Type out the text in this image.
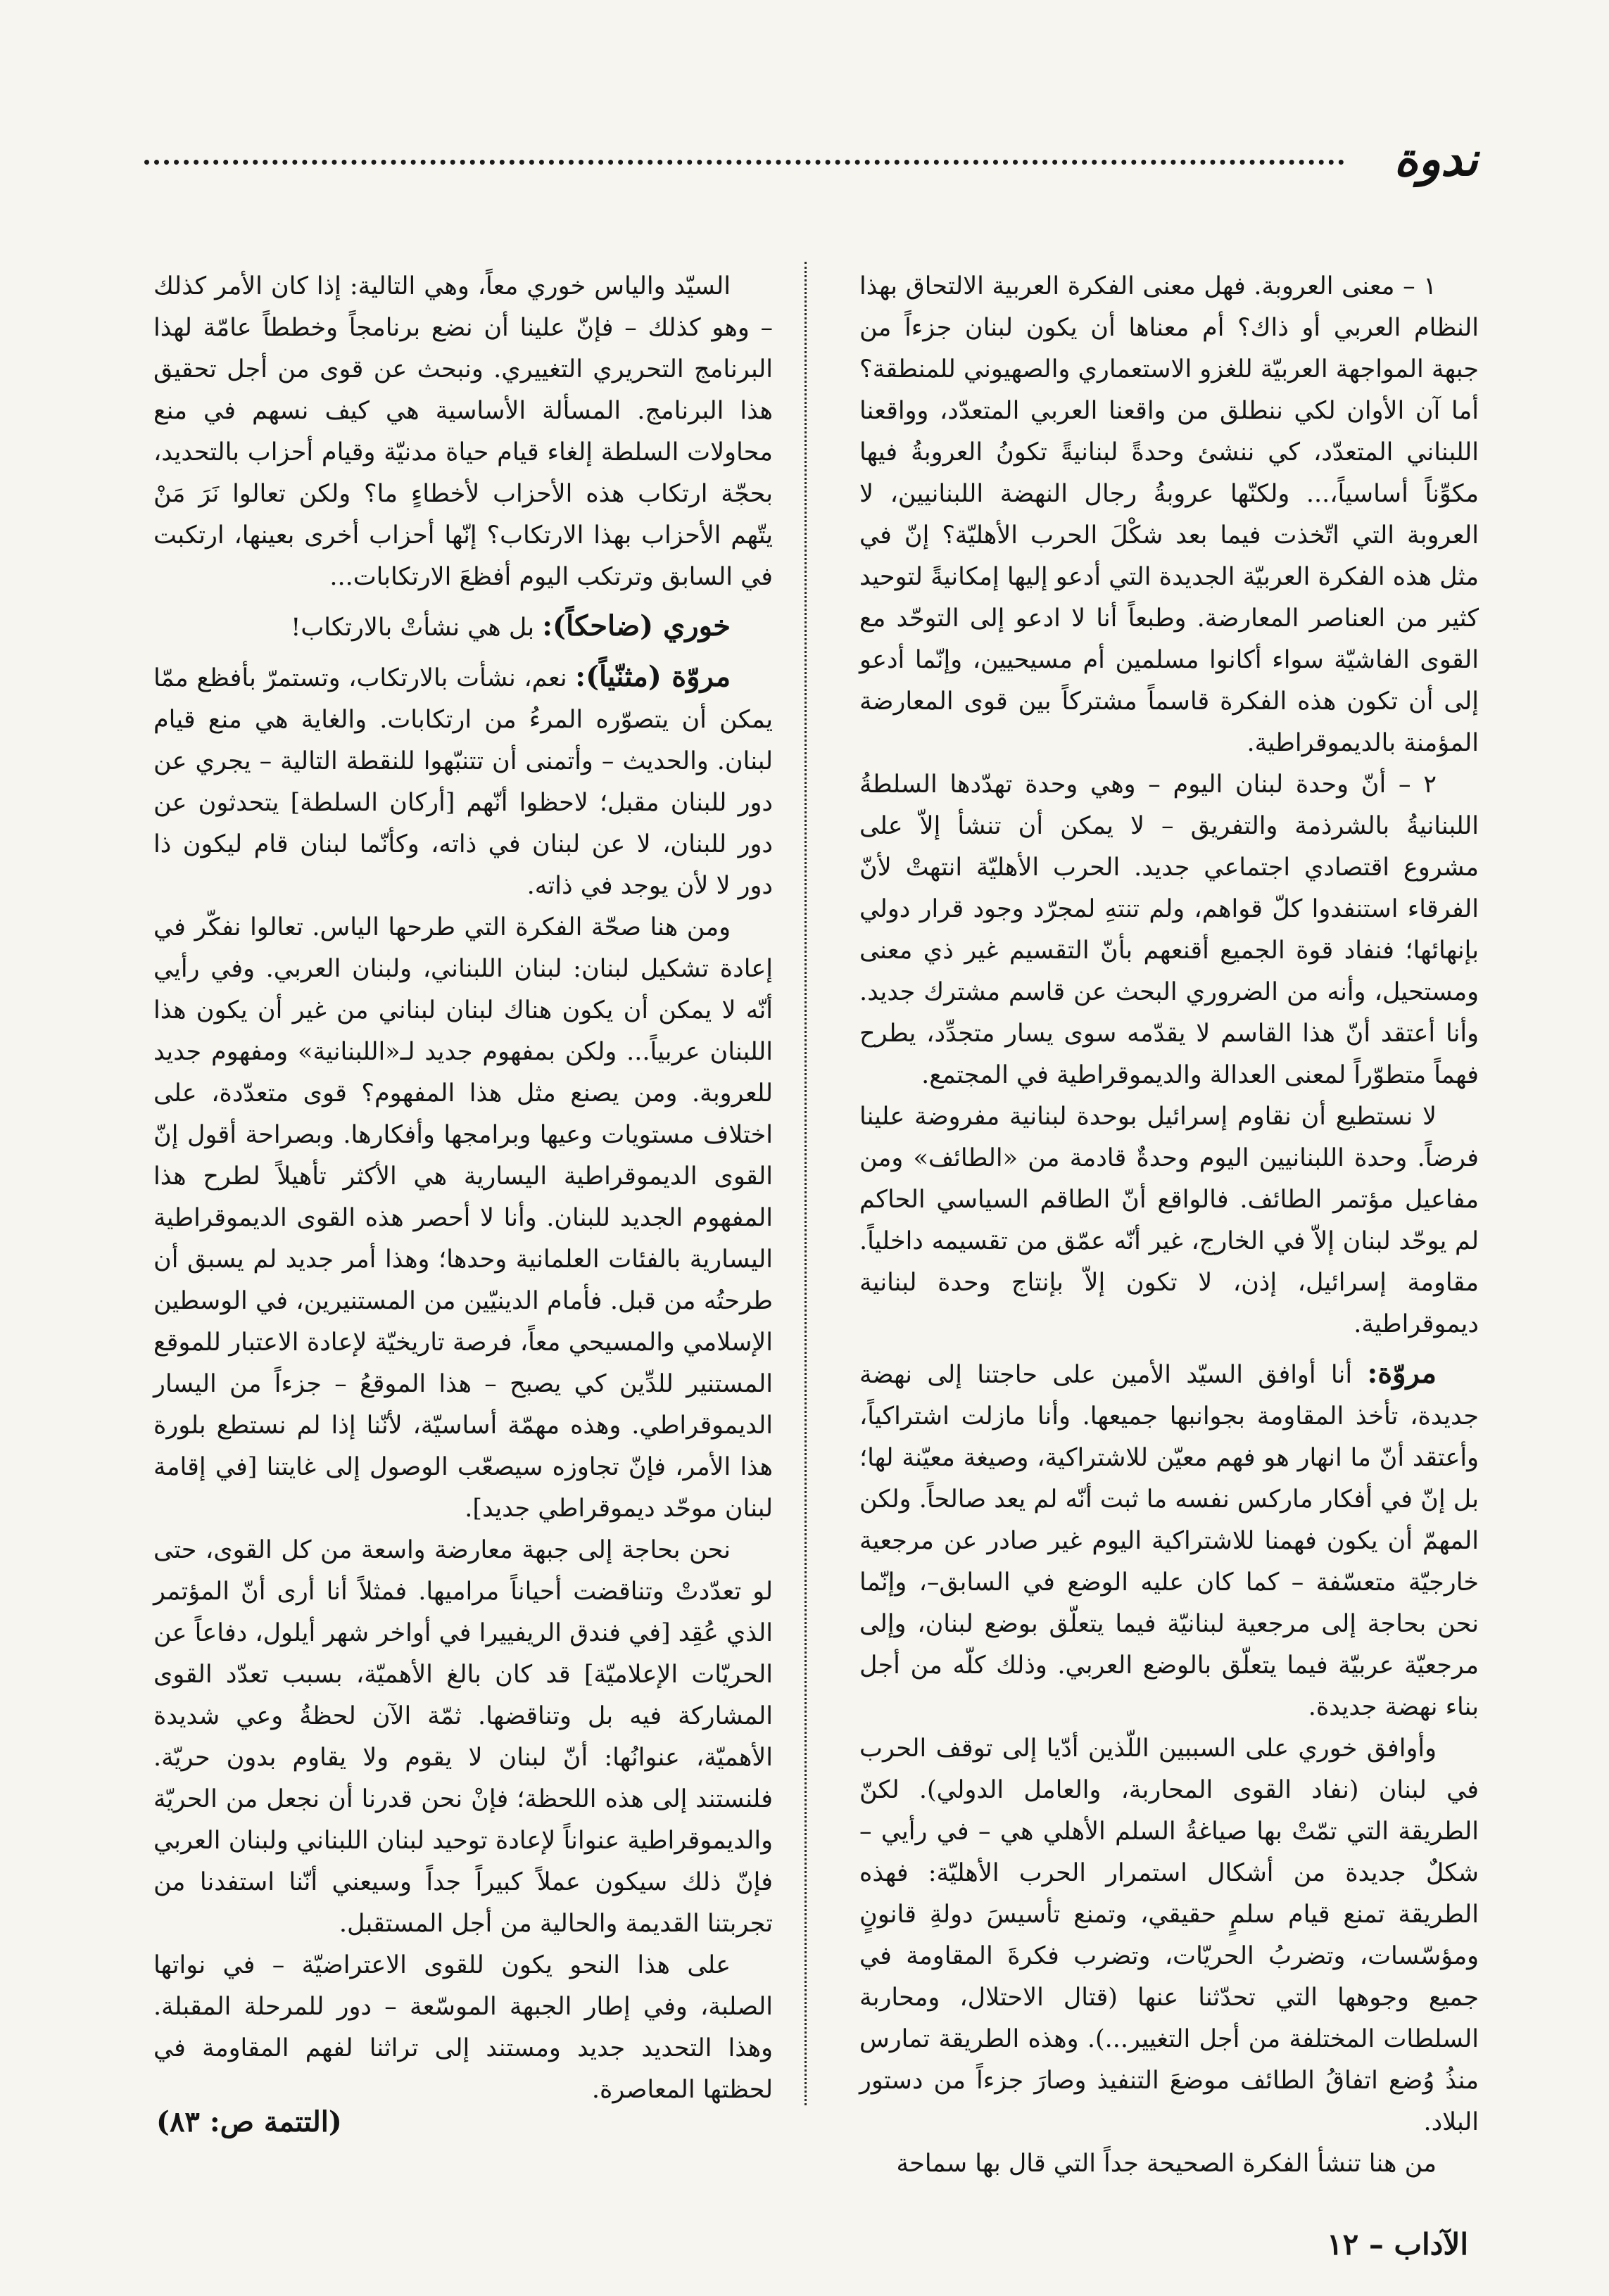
ندوة

١ – معنى العروبة. فهل معنى الفكرة العربية الالتحاق بهذا النظام العربي أو ذاك؟ أم معناها أن يكون لبنان جزءاً من جبهة المواجهة العربيّة للغزو الاستعماري والصهيوني للمنطقة؟ أما آن الأوان لكي ننطلق من واقعنا العربي المتعدّد، وواقعنا اللبناني المتعدّد، كي ننشئ وحدةً لبنانيةً تكونُ العروبةُ فيها مكوِّناً أساسياً،... ولكنّها عروبةُ رجال النهضة اللبنانيين، لا العروبة التي اتّخذت فيما بعد شكْلَ الحرب الأهليّة؟ إنّ في مثل هذه الفكرة العربيّة الجديدة التي أدعو إليها إمكانيةً لتوحيد كثير من العناصر المعارضة. وطبعاً أنا لا ادعو إلى التوحّد مع القوى الفاشيّة سواء أكانوا مسلمين أم مسيحيين، وإنّما أدعو إلى أن تكون هذه الفكرة قاسماً مشتركاً بين قوى المعارضة المؤمنة بالديموقراطية.

٢ – أنّ وحدة لبنان اليوم – وهي وحدة تهدّدها السلطةُ اللبنانيةُ بالشرذمة والتفريق – لا يمكن أن تنشأ إلاّ على مشروع اقتصادي اجتماعي جديد. الحرب الأهليّة انتهتْ لأنّ الفرقاء استنفدوا كلّ قواهم، ولم تنتهِ لمجرّد وجود قرار دولي بإنهائها؛ فنفاد قوة الجميع أقنعهم بأنّ التقسيم غير ذي معنى ومستحيل، وأنه من الضروري البحث عن قاسم مشترك جديد. وأنا أعتقد أنّ هذا القاسم لا يقدّمه سوى يسار متجدِّد، يطرح فهماً متطوّراً لمعنى العدالة والديموقراطية في المجتمع.

لا نستطيع أن نقاوم إسرائيل بوحدة لبنانية مفروضة علينا فرضاً. وحدة اللبنانيين اليوم وحدةٌ قادمة من «الطائف» ومن مفاعيل مؤتمر الطائف. فالواقع أنّ الطاقم السياسي الحاكم لم يوحّد لبنان إلاّ في الخارج، غير أنّه عمّق من تقسيمه داخلياً. مقاومة إسرائيل، إذن، لا تكون إلاّ بإنتاج وحدة لبنانية ديموقراطية.

مروّة: أنا أوافق السيّد الأمين على حاجتنا إلى نهضة جديدة، تأخذ المقاومة بجوانبها جميعها. وأنا مازلت اشتراكياً، وأعتقد أنّ ما انهار هو فهم معيّن للاشتراكية، وصيغة معيّنة لها؛ بل إنّ في أفكار ماركس نفسه ما ثبت أنّه لم يعد صالحاً. ولكن المهمّ أن يكون فهمنا للاشتراكية اليوم غير صادر عن مرجعية خارجيّة متعسّفة – كما كان عليه الوضع في السابق–، وإنّما نحن بحاجة إلى مرجعية لبنانيّة فيما يتعلّق بوضع لبنان، وإلى مرجعيّة عربيّة فيما يتعلّق بالوضع العربي. وذلك كلّه من أجل بناء نهضة جديدة.

وأوافق خوري على السببين اللّذين أدّيا إلى توقف الحرب في لبنان (نفاد القوى المحاربة، والعامل الدولي). لكنّ الطريقة التي تمّتْ بها صياغةُ السلم الأهلي هي – في رأيي – شكلٌ جديدة من أشكال استمرار الحرب الأهليّة: فهذه الطريقة تمنع قيام سلمٍ حقيقي، وتمنع تأسيسَ دولةِ قانونٍ ومؤسّسات، وتضربُ الحريّات، وتضرب فكرةَ المقاومة في جميع وجوهها التي تحدّثنا عنها (قتال الاحتلال، ومحاربة السلطات المختلفة من أجل التغيير...). وهذه الطريقة تمارس منذُ وُضع اتفاقُ الطائف موضعَ التنفيذ وصارَ جزءاً من دستور البلاد.

من هنا تنشأ الفكرة الصحيحة جداً التي قال بها سماحة

السيّد والياس خوري معاً، وهي التالية: إذا كان الأمر كذلك – وهو كذلك – فإنّ علينا أن نضع برنامجاً وخططاً عامّة لهذا البرنامج التحريري التغييري. ونبحث عن قوى من أجل تحقيق هذا البرنامج. المسألة الأساسية هي كيف نسهم في منع محاولات السلطة إلغاء قيام حياة مدنيّة وقيام أحزاب بالتحديد، بحجّة ارتكاب هذه الأحزاب لأخطاءٍ ما؟ ولكن تعالوا نَرَ مَنْ يتّهم الأحزاب بهذا الارتكاب؟ إنّها أحزاب أخرى بعينها، ارتكبت في السابق وترتكب اليوم أفظعَ الارتكابات...

خوري (ضاحكاً): بل هي نشأتْ بالارتكاب!

مروّة (مثنّياً): نعم، نشأت بالارتكاب، وتستمرّ بأفظع ممّا يمكن أن يتصوّره المرءُ من ارتكابات. والغاية هي منع قيام لبنان. والحديث – وأتمنى أن تتنبّهوا للنقطة التالية – يجري عن دور للبنان مقبل؛ لاحظوا أنّهم [أركان السلطة] يتحدثون عن دور للبنان، لا عن لبنان في ذاته، وكأنّما لبنان قام ليكون ذا دور لا لأن يوجد في ذاته.

ومن هنا صحّة الفكرة التي طرحها الياس. تعالوا نفكّر في إعادة تشكيل لبنان: لبنان اللبناني، ولبنان العربي. وفي رأيي أنّه لا يمكن أن يكون هناك لبنان لبناني من غير أن يكون هذا اللبنان عربياً... ولكن بمفهوم جديد لـ«اللبنانية» ومفهوم جديد للعروبة. ومن يصنع مثل هذا المفهوم؟ قوى متعدّدة، على اختلاف مستويات وعيها وبرامجها وأفكارها. وبصراحة أقول إنّ القوى الديموقراطية اليسارية هي الأكثر تأهيلاً لطرح هذا المفهوم الجديد للبنان. وأنا لا أحصر هذه القوى الديموقراطية اليسارية بالفئات العلمانية وحدها؛ وهذا أمر جديد لم يسبق أن طرحتُه من قبل. فأمام الدينيّين من المستنيرين، في الوسطين الإسلامي والمسيحي معاً، فرصة تاريخيّة لإعادة الاعتبار للموقع المستنير للدِّين كي يصبح – هذا الموقعُ – جزءاً من اليسار الديموقراطي. وهذه مهمّة أساسيّة، لأنّنا إذا لم نستطع بلورة هذا الأمر، فإنّ تجاوزه سيصعّب الوصول إلى غايتنا [في إقامة لبنان موحّد ديموقراطي جديد].

نحن بحاجة إلى جبهة معارضة واسعة من كل القوى، حتى لو تعدّدتْ وتناقضت أحياناً مراميها. فمثلاً أنا أرى أنّ المؤتمر الذي عُقِد [في فندق الريفييرا في أواخر شهر أيلول، دفاعاً عن الحريّات الإعلاميّة] قد كان بالغ الأهميّة، بسبب تعدّد القوى المشاركة فيه بل وتناقضها. ثمّة الآن لحظةُ وعي شديدة الأهميّة، عنوانُها: أنّ لبنان لا يقوم ولا يقاوم بدون حريّة. فلنستند إلى هذه اللحظة؛ فإنْ نحن قدرنا أن نجعل من الحريّة والديموقراطية عنواناً لإعادة توحيد لبنان اللبناني ولبنان العربي فإنّ ذلك سيكون عملاً كبيراً جداً وسيعني أنّنا استفدنا من تجربتنا القديمة والحالية من أجل المستقبل.

على هذا النحو يكون للقوى الاعتراضيّة – في نواتها الصلبة، وفي إطار الجبهة الموسّعة – دور للمرحلة المقبلة. وهذا التحديد جديد ومستند إلى تراثنا لفهم المقاومة في لحظتها المعاصرة.

(التتمة ص: ٨٣)
الآداب – ١٢
